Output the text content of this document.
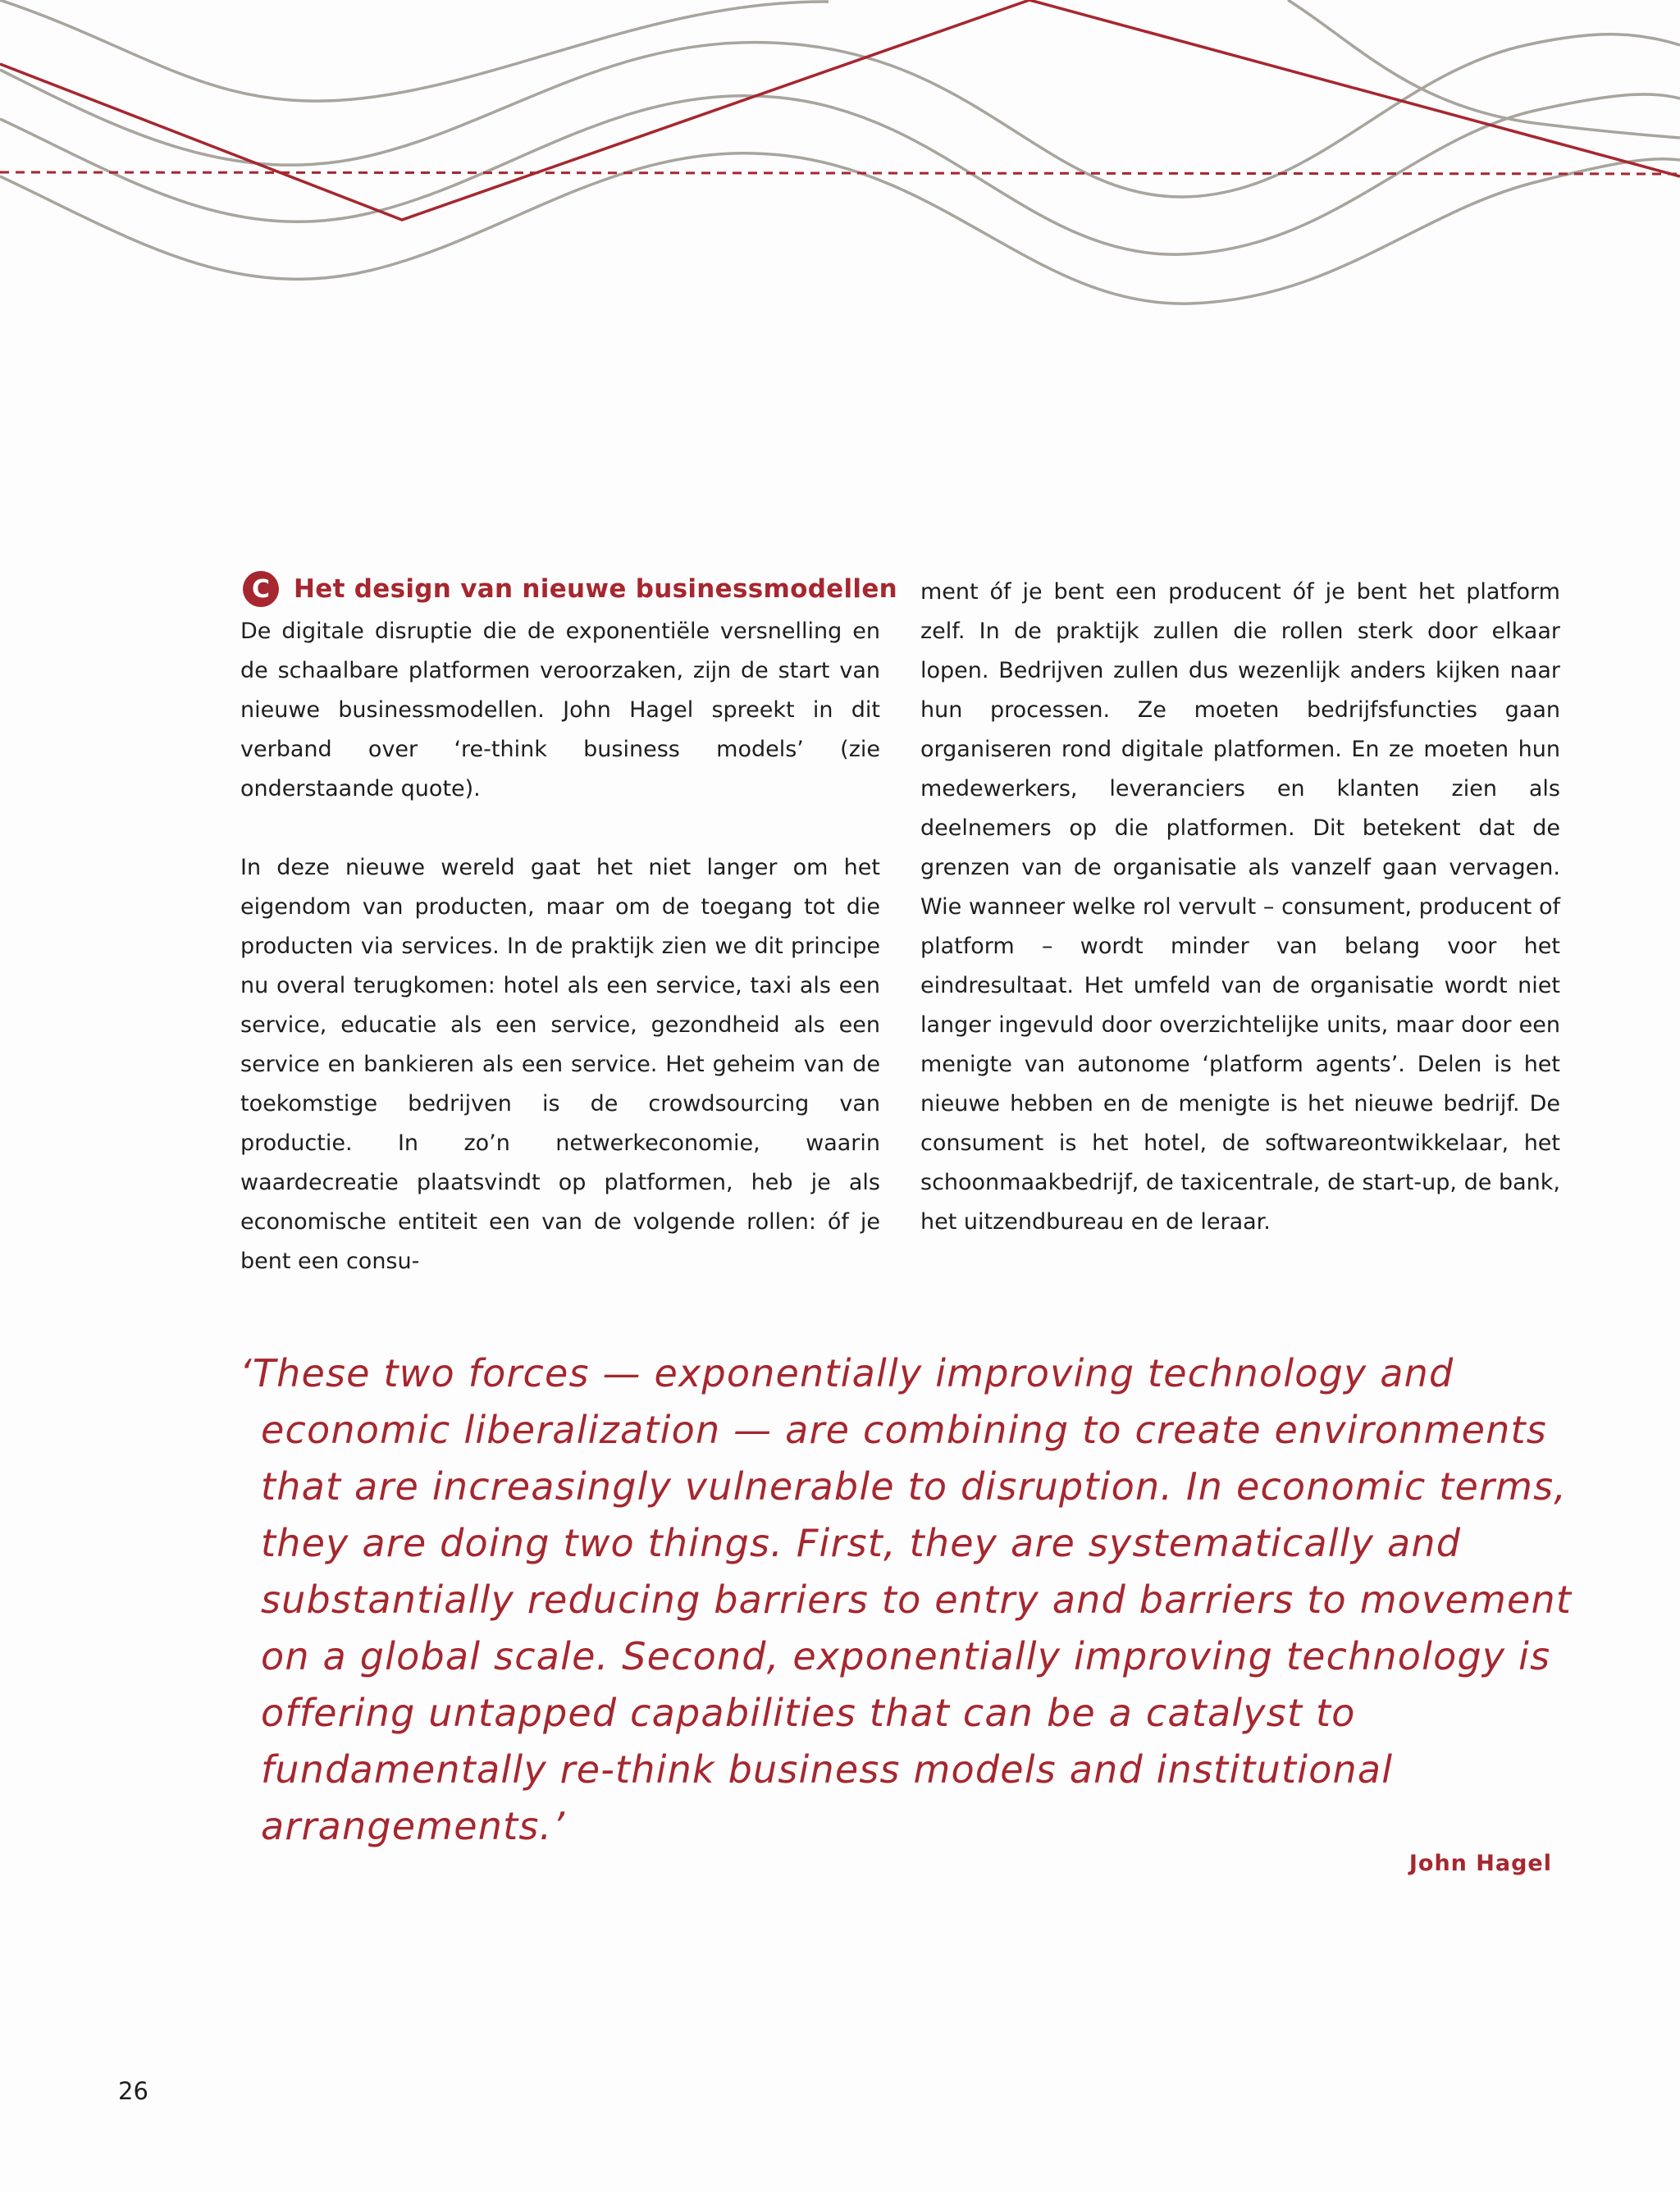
C Het design van nieuwe businessmodellen

De digitale disruptie die de exponentiële versnelling en de schaalbare platformen veroorzaken, zijn de start van nieuwe businessmodellen. John Hagel spreekt in dit verband over ‘re-think business models’ (zie onderstaande quote).

In deze nieuwe wereld gaat het niet langer om het eigendom van producten, maar om de toegang tot die producten via services. In de praktijk zien we dit principe nu overal terugkomen: hotel als een service, taxi als een service, educatie als een service, gezondheid als een service en bankieren als een service. Het geheim van de toekomstige bedrijven is de crowdsourcing van productie. In zo’n netwerkeconomie, waarin waardecreatie plaatsvindt op platformen, heb je als economische entiteit een van de volgende rollen: óf je bent een consu-

ment óf je bent een producent óf je bent het platform zelf. In de praktijk zullen die rollen sterk door elkaar lopen. Bedrijven zullen dus wezenlijk anders kijken naar hun processen. Ze moeten bedrijfsfuncties gaan organiseren rond digitale platformen. En ze moeten hun medewerkers, leveranciers en klanten zien als deelnemers op die platformen. Dit betekent dat de grenzen van de organisatie als vanzelf gaan vervagen. Wie wanneer welke rol vervult – consument, producent of platform – wordt minder van belang voor het eindresultaat. Het umfeld van de organisatie wordt niet langer ingevuld door overzichtelijke units, maar door een menigte van autonome ‘platform agents’. Delen is het nieuwe hebben en de menigte is het nieuwe bedrijf. De consument is het hotel, de softwareontwikkelaar, het schoonmaakbedrijf, de taxicentrale, de start-up, de bank, het uitzendbureau en de leraar.

‘These two forces — exponentially improving technology and economic liberalization — are combining to create environments that are increasingly vulnerable to disruption. In economic terms, they are doing two things. First, they are systematically and substantially reducing barriers to entry and barriers to movement on a global scale. Second, exponentially improving technology is offering untapped capabilities that can be a catalyst to fundamentally re-think business models and institutional arrangements.’
John Hagel
26
